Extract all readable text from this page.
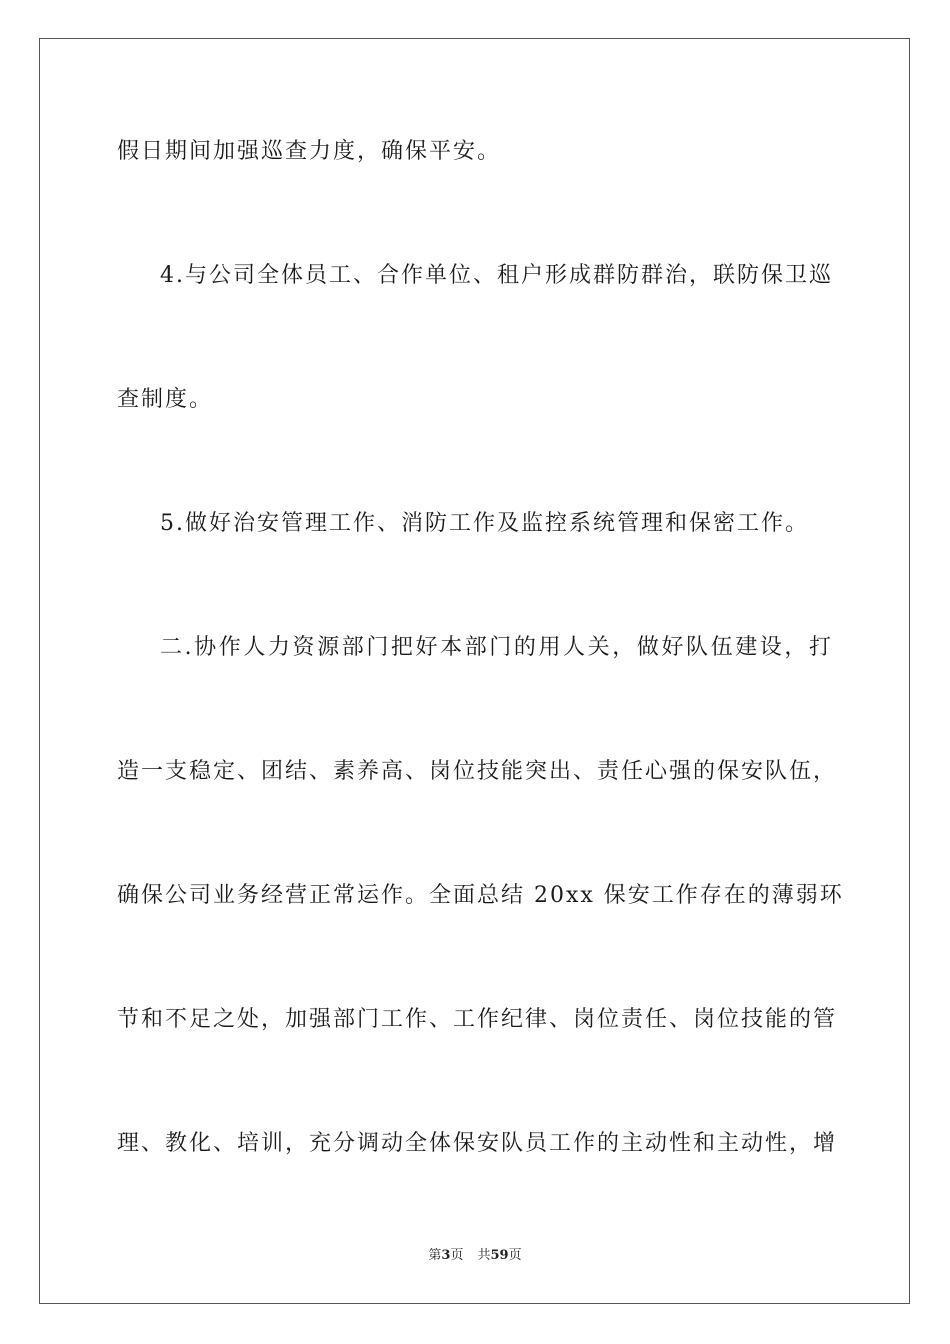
假日期间加强巡查力度，确保平安。
4.与公司全体员工、合作单位、租户形成群防群治，联防保卫巡
查制度。
5.做好治安管理工作、消防工作及监控系统管理和保密工作。
二.协作人力资源部门把好本部门的用人关，做好队伍建设，打
造一支稳定、团结、素养高、岗位技能突出、责任心强的保安队伍，
确保公司业务经营正常运作。全面总结 20xx 保安工作存在的薄弱环
节和不足之处，加强部门工作、工作纪律、岗位责任、岗位技能的管
理、教化、培训，充分调动全体保安队员工作的主动性和主动性，增
第3页 共59页
